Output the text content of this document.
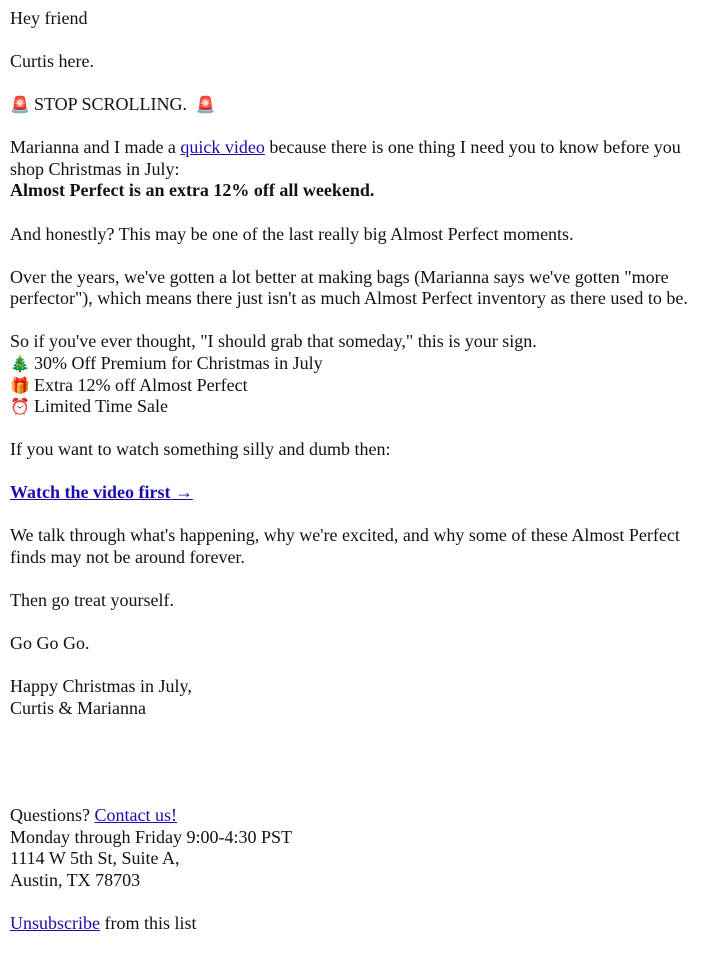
Hey friend

Curtis here.

🚨 STOP SCROLLING. 🚨

Marianna and I made a quick video because there is one thing I need you to know before you shop Christmas in July:
Almost Perfect is an extra 12% off all weekend.

And honestly? This may be one of the last really big Almost Perfect moments.

Over the years, we've gotten a lot better at making bags (Marianna says we've gotten "more perfector"), which means there just isn't as much Almost Perfect inventory as there used to be.

So if you've ever thought, "I should grab that someday," this is your sign.
🎄 30% Off Premium for Christmas in July
🎁 Extra 12% off Almost Perfect
⏰ Limited Time Sale

If you want to watch something silly and dumb then:

Watch the video first →

We talk through what's happening, why we're excited, and why some of these Almost Perfect finds may not be around forever.

Then go treat yourself.

Go Go Go.

Happy Christmas in July,
Curtis & Marianna

Questions? Contact us!
Monday through Friday 9:00-4:30 PST
1114 W 5th St, Suite A,
Austin, TX 78703

Unsubscribe from this list
